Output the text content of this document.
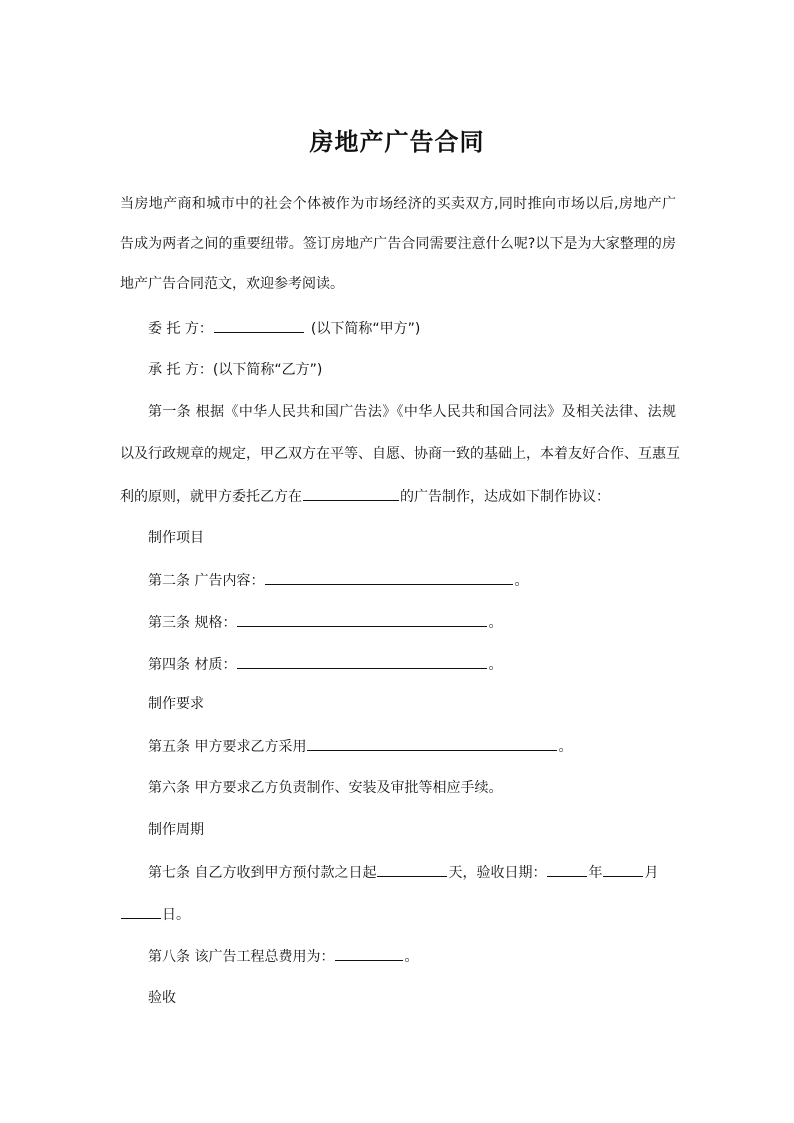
房地产广告合同
当房地产商和城市中的社会个体被作为市场经济的买卖双方,同时推向市场以后,房地产广
告成为两者之间的重要纽带。签订房地产广告合同需要注意什么呢?以下是为大家整理的房
地产广告合同范文，欢迎参考阅读。
委 托 方：	(以下简称“甲方”)
承 托 方：(以下简称“乙方”)
第一条 根据《中华人民共和国广告法》《中华人民共和国合同法》及相关法律、法规
以及行政规章的规定，甲乙双方在平等、自愿、协商一致的基础上，本着友好合作、互惠互
利的原则，就甲方委托乙方在	的广告制作，达成如下制作协议：
制作项目
第二条 广告内容：	。
第三条 规格：	。
第四条 材质：	。
制作要求
第五条 甲方要求乙方采用	。
第六条 甲方要求乙方负责制作、安装及审批等相应手续。
制作周期
第七条 自乙方收到甲方预付款之日起	天，验收日期：	年	月
日。
第八条 该广告工程总费用为：	。
验收
